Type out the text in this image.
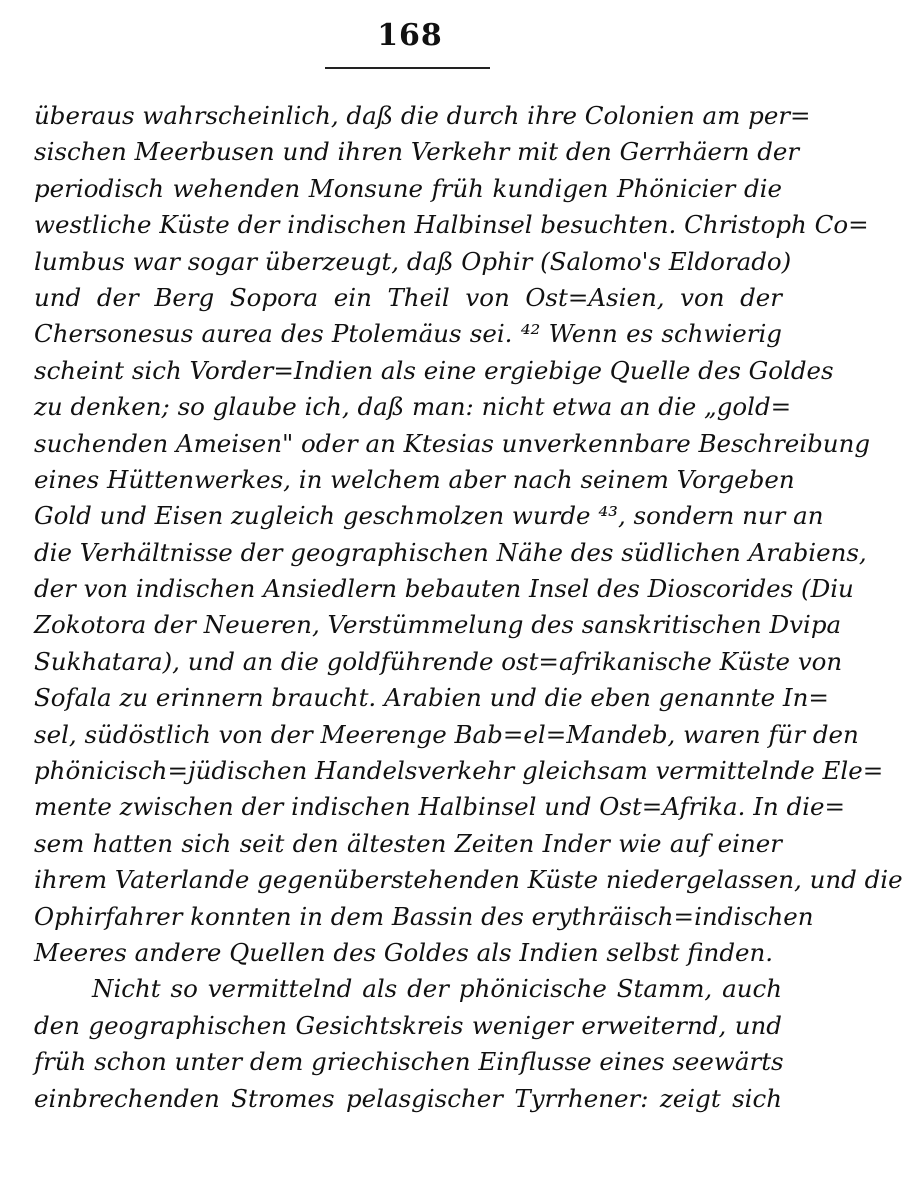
168
überaus wahrscheinlich, daß die durch ihre Colonien am per=
sischen Meerbusen und ihren Verkehr mit den Gerrhäern der
periodisch wehenden Monsune früh kundigen Phönicier die
westliche Küste der indischen Halbinsel besuchten. Christoph Co=
lumbus war sogar überzeugt, daß Ophir (Salomo's Eldorado)
und der Berg Sopora ein Theil von Ost=Asien, von der
Chersonesus aurea des Ptolemäus sei. ⁴² Wenn es schwierig
scheint sich Vorder=Indien als eine ergiebige Quelle des Goldes
zu denken; so glaube ich, daß man: nicht etwa an die „gold=
suchenden Ameisen" oder an Ktesias unverkennbare Beschreibung
eines Hüttenwerkes, in welchem aber nach seinem Vorgeben
Gold und Eisen zugleich geschmolzen wurde ⁴³, sondern nur an
die Verhältnisse der geographischen Nähe des südlichen Arabiens,
der von indischen Ansiedlern bebauten Insel des Dioscorides (Diu
Zokotora der Neueren, Verstümmelung des sanskritischen Dvipa
Sukhatara), und an die goldführende ost=afrikanische Küste von
Sofala zu erinnern braucht. Arabien und die eben genannte In=
sel, südöstlich von der Meerenge Bab=el=Mandeb, waren für den
phönicisch=jüdischen Handelsverkehr gleichsam vermittelnde Ele=
mente zwischen der indischen Halbinsel und Ost=Afrika. In die=
sem hatten sich seit den ältesten Zeiten Inder wie auf einer
ihrem Vaterlande gegenüberstehenden Küste niedergelassen, und die
Ophirfahrer konnten in dem Bassin des erythräisch=indischen
Meeres andere Quellen des Goldes als Indien selbst finden.
Nicht so vermittelnd als der phönicische Stamm, auch
den geographischen Gesichtskreis weniger erweiternd, und
früh schon unter dem griechischen Einflusse eines seewärts
einbrechenden Stromes pelasgischer Tyrrhener: zeigt sich
